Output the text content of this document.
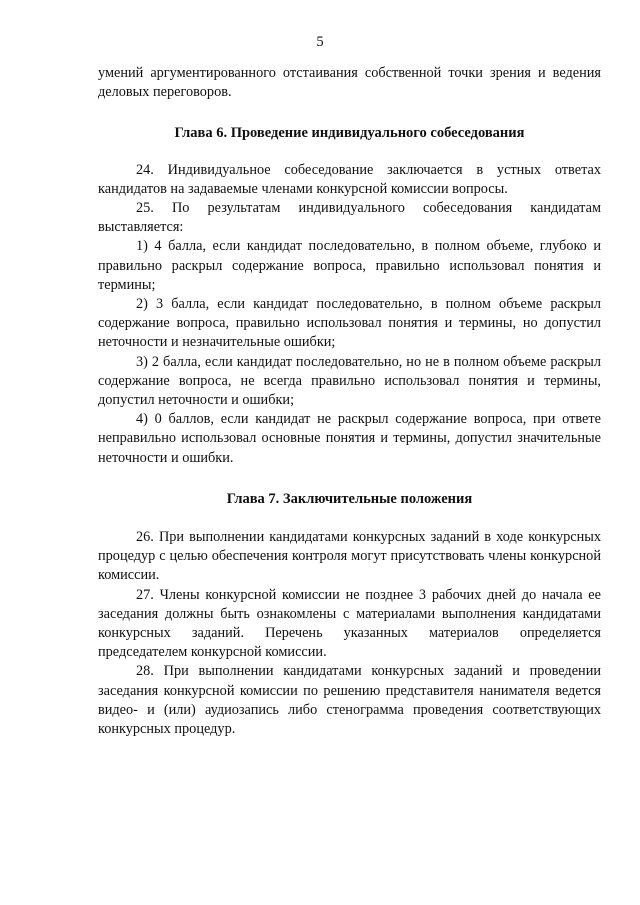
5

умений аргументированного отстаивания собственной точки зрения и ведения деловых переговоров.

Глава 6. Проведение индивидуального собеседования

24. Индивидуальное собеседование заключается в устных ответах кандидатов на задаваемые членами конкурсной комиссии вопросы.

25. По результатам индивидуального собеседования кандидатам выставляется:

1) 4 балла, если кандидат последовательно, в полном объеме, глубоко и правильно раскрыл содержание вопроса, правильно использовал понятия и термины;

2) 3 балла, если кандидат последовательно, в полном объеме раскрыл содержание вопроса, правильно использовал понятия и термины, но допустил неточности и незначительные ошибки;

3) 2 балла, если кандидат последовательно, но не в полном объеме раскрыл содержание вопроса, не всегда правильно использовал понятия и термины, допустил неточности и ошибки;

4) 0 баллов, если кандидат не раскрыл содержание вопроса, при ответе неправильно использовал основные понятия и термины, допустил значительные неточности и ошибки.

Глава 7. Заключительные положения

26. При выполнении кандидатами конкурсных заданий в ходе конкурсных процедур с целью обеспечения контроля могут присутствовать члены конкурсной комиссии.

27. Члены конкурсной комиссии не позднее 3 рабочих дней до начала ее заседания должны быть ознакомлены с материалами выполнения кандидатами конкурсных заданий. Перечень указанных материалов определяется председателем конкурсной комиссии.

28. При выполнении кандидатами конкурсных заданий и проведении заседания конкурсной комиссии по решению представителя нанимателя ведется видео- и (или) аудиозапись либо стенограмма проведения соответствующих конкурсных процедур.
